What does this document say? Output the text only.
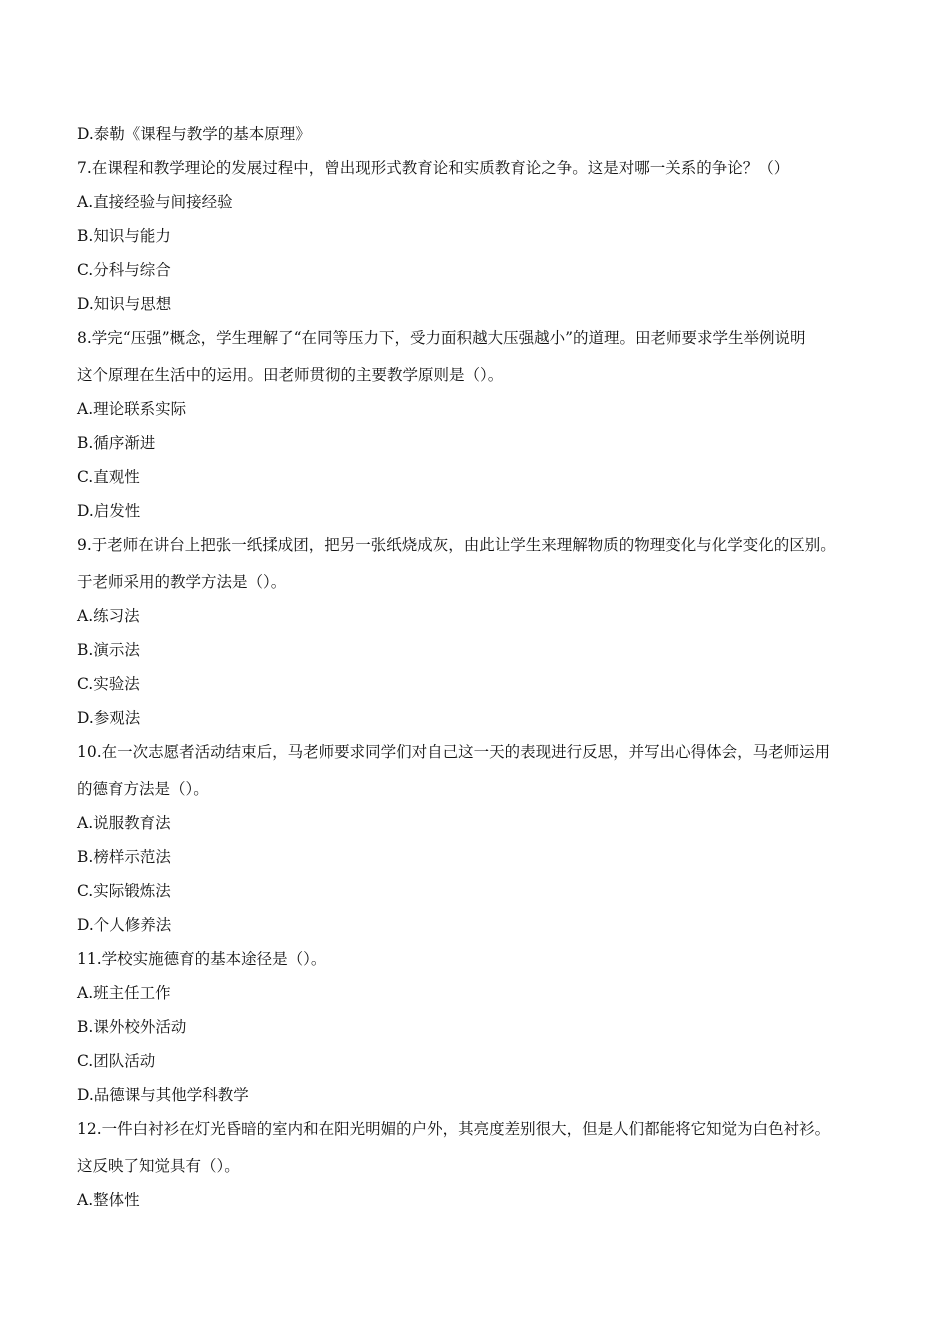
D.泰勒《课程与教学的基本原理》
7.在课程和教学理论的发展过程中，曾出现形式教育论和实质教育论之争。这是对哪一关系的争论？（）
A.直接经验与间接经验
B.知识与能力
C.分科与综合
D.知识与思想
8.学完“压强”概念，学生理解了“在同等压力下，受力面积越大压强越小”的道理。田老师要求学生举例说明
这个原理在生活中的运用。田老师贯彻的主要教学原则是（）。
A.理论联系实际
B.循序渐进
C.直观性
D.启发性
9.于老师在讲台上把张一纸揉成团，把另一张纸烧成灰，由此让学生来理解物质的物理变化与化学变化的区别。
于老师采用的教学方法是（）。
A.练习法
B.演示法
C.实验法
D.参观法
10.在一次志愿者活动结束后，马老师要求同学们对自己这一天的表现进行反思，并写出心得体会，马老师运用
的德育方法是（）。
A.说服教育法
B.榜样示范法
C.实际锻炼法
D.个人修养法
11.学校实施德育的基本途径是（）。
A.班主任工作
B.课外校外活动
C.团队活动
D.品德课与其他学科教学
12.一件白衬衫在灯光昏暗的室内和在阳光明媚的户外，其亮度差别很大，但是人们都能将它知觉为白色衬衫。
这反映了知觉具有（）。
A.整体性
